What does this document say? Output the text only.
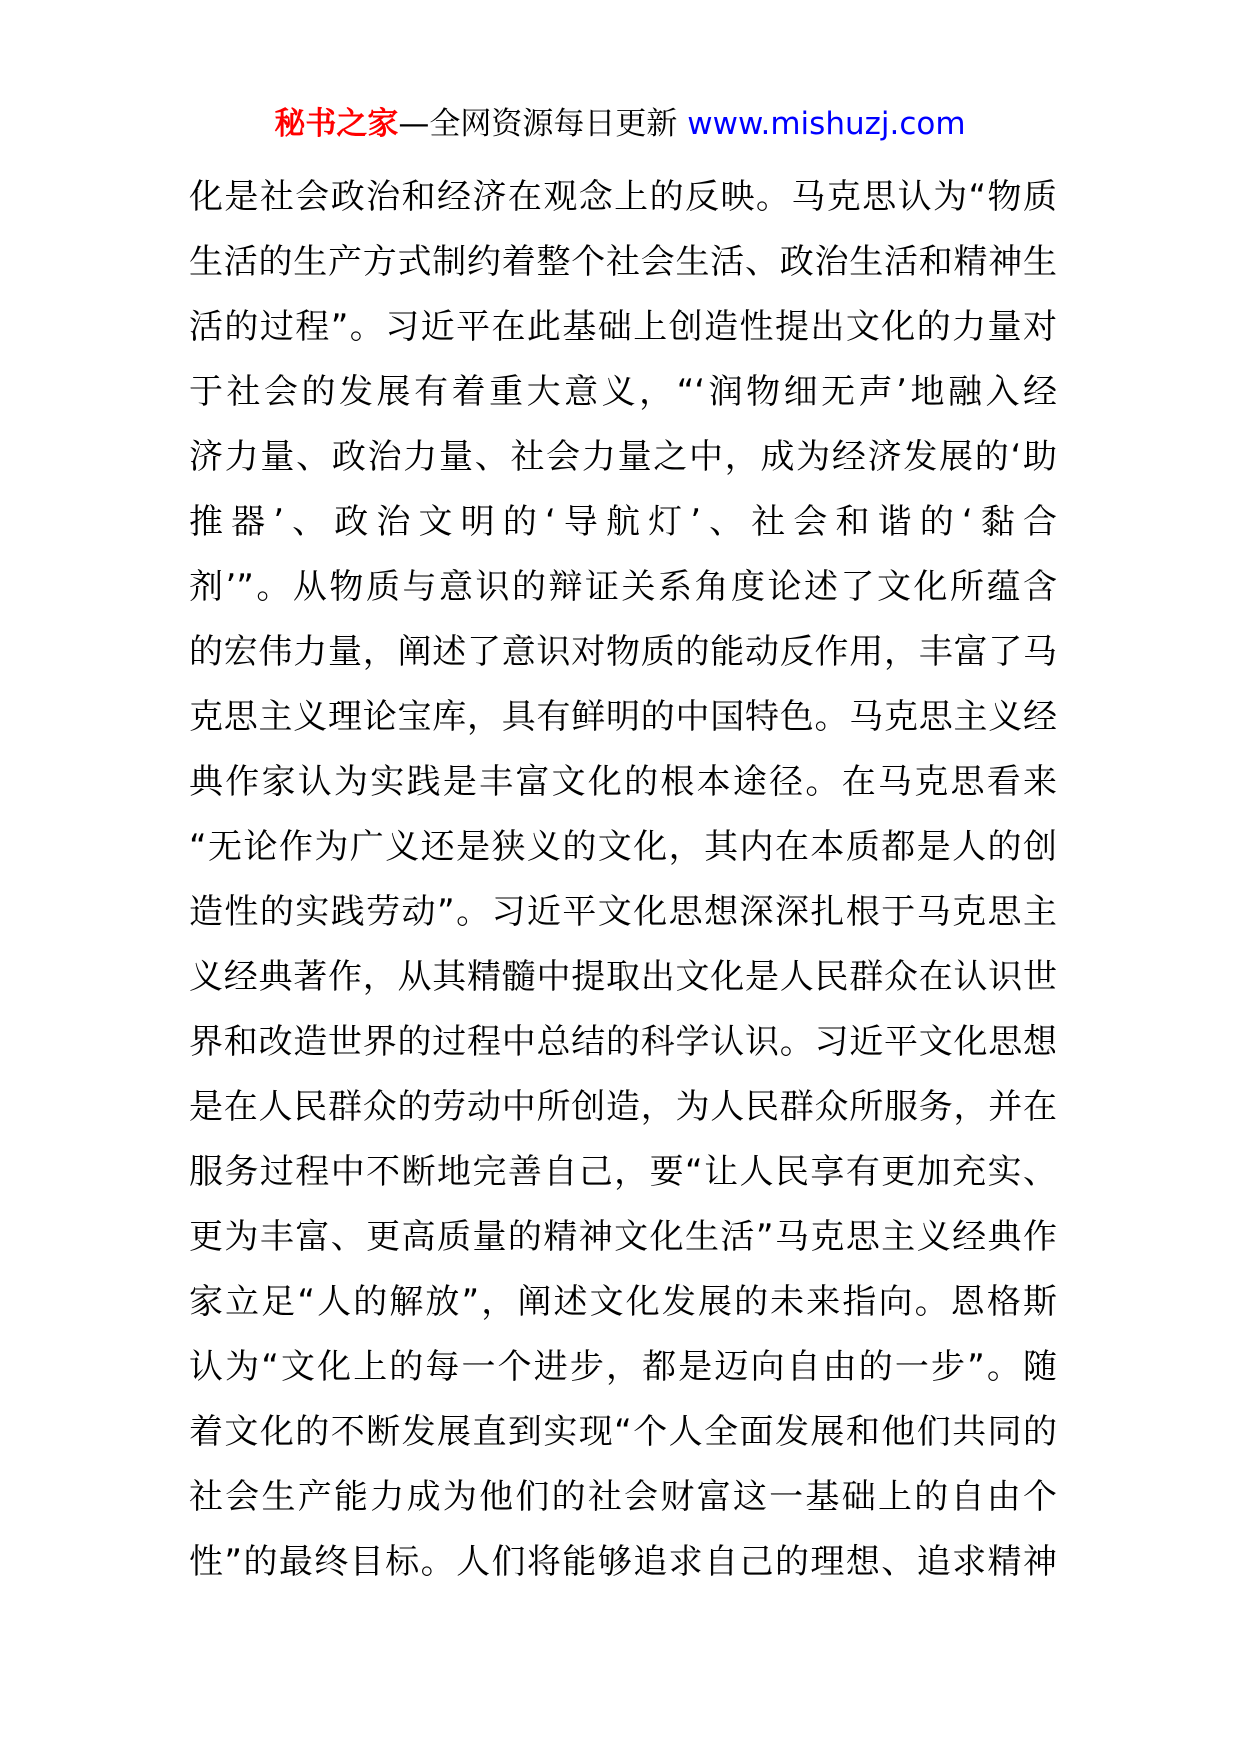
秘书之家—全网资源每日更新 www.mishuzj.com
化是社会政治和经济在观念上的反映。马克思认为“物质
生活的生产方式制约着整个社会生活、政治生活和精神生
活的过程”。习近平在此基础上创造性提出文化的力量对
于社会的发展有着重大意义，“‘润物细无声’地融入经
济力量、政治力量、社会力量之中，成为经济发展的‘助
推器’、政治文明的‘导航灯’、社会和谐的‘黏合
剂’”。从物质与意识的辩证关系角度论述了文化所蕴含
的宏伟力量，阐述了意识对物质的能动反作用，丰富了马
克思主义理论宝库，具有鲜明的中国特色。马克思主义经
典作家认为实践是丰富文化的根本途径。在马克思看来
“无论作为广义还是狭义的文化，其内在本质都是人的创
造性的实践劳动”。习近平文化思想深深扎根于马克思主
义经典著作，从其精髓中提取出文化是人民群众在认识世
界和改造世界的过程中总结的科学认识。习近平文化思想
是在人民群众的劳动中所创造，为人民群众所服务，并在
服务过程中不断地完善自己，要“让人民享有更加充实、
更为丰富、更高质量的精神文化生活”马克思主义经典作
家立足“人的解放”，阐述文化发展的未来指向。恩格斯
认为“文化上的每一个进步，都是迈向自由的一步”。随
着文化的不断发展直到实现“个人全面发展和他们共同的
社会生产能力成为他们的社会财富这一基础上的自由个
性”的最终目标。人们将能够追求自己的理想、追求精神
